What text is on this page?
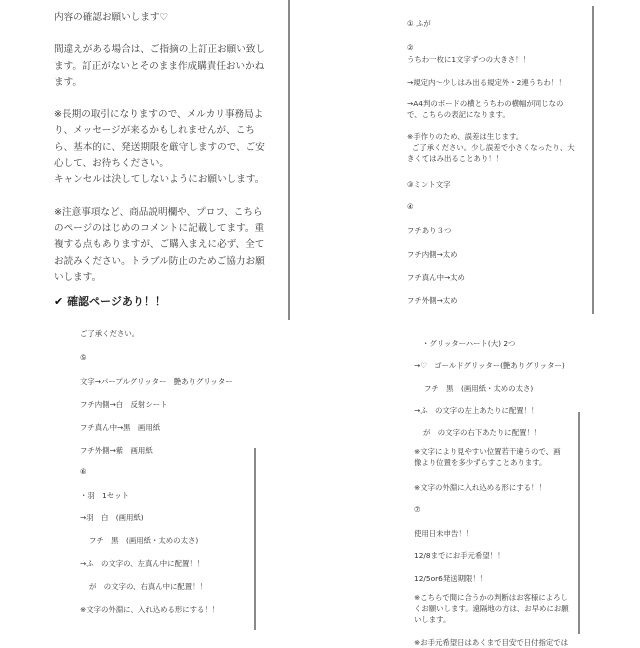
内容の確認お願いします♡

間違えがある場合は、ご指摘の上訂正お願い致し

ます。訂正がないとそのまま作成購責任おいかね

ます。

※長期の取引になりますので、メルカリ事務局よ

り、メッセージが来るかもしれませんが、こち

ら、基本的に、発送期限を厳守しますので、ご安

心して、お待ちください。

キャンセルは決してしないようにお願いします。

※注意事項など、商品説明欄や、プロフ、こちら

のページのはじめのコメントに記載してます。重

複する点もありますが、ご購入まえに必ず、全て

お読みください。トラブル防止のためご協力お願

いします。

✔ 確認ページあり！！

① ふが

②

うちわ一枚に1文字ずつの大きさ！！

→規定内〜少しはみ出る規定外・2連うちわ！！

→A4判のボードの横とうちわの横幅が同じなので、こちらの表記になります。

※手作りのため、誤差は生じます。

ご了承ください。少し誤差で小さくなったり、大きくてはみ出ることあり！！

③ミント文字

④

フチあり３つ

フチ内側→太め

フチ真ん中→太め

フチ外側→太め

ご了承ください。

⑤

文字→パープルグリッター　艶ありグリッター

フチ内側→白　反射シート

フチ真ん中→黒　画用紙

フチ外側→紫　画用紙

⑥

・羽　1セット

→羽　白　(画用紙)

フチ　黒　(画用紙・太めの太さ)

→ふ　の文字の、左真ん中に配置！！

が　の文字の、右真ん中に配置！！

※文字の外淵に、入れ込める形にする！！

・グリッターハート(大) 2つ

→♡　ゴールドグリッター(艶ありグリッター)

フチ　黒　(画用紙・太めの太さ)

→ふ　の文字の左上あたりに配置！！

が　の文字の右下あたりに配置！！

※文字により見やすい位置若干違うので、画像より位置を多少ずらすことあります。

※文字の外淵に入れ込める形にする！！

⑦

使用日未申告！！

12/8までにお手元希望！！

12/5or6発送期限！！

※こちらで間に合うかの判断はお客様によろしくお願いします。遠隔地の方は、お早めにお願いします。

※お手元希望日はあくまで目安で日付指定では
